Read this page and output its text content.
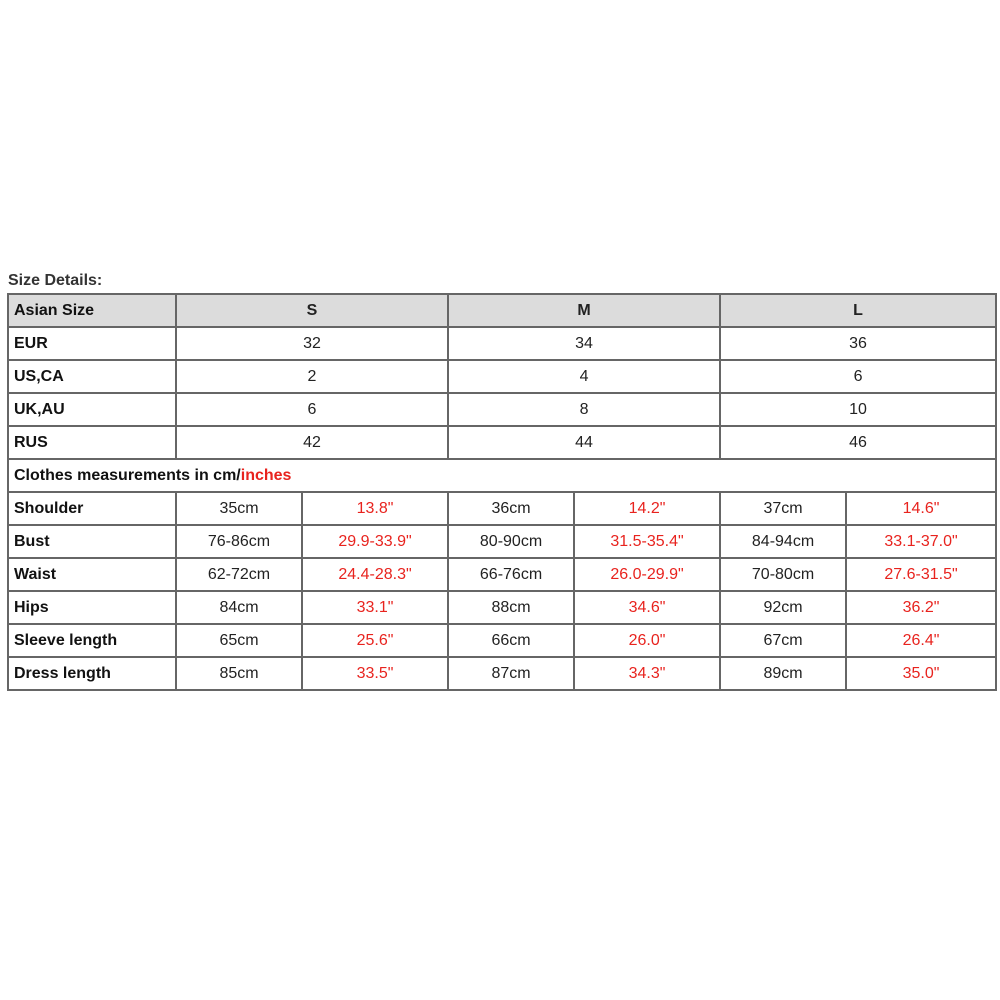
Size Details:
Asian Size	S		M		L	
EUR	32		34		36	
US,CA	2		4		6	
UK,AU	6		8		10	
RUS	42		44		46	
Clothes measurements in cm/inches						
Shoulder	35cm	13.8"	36cm	14.2"	37cm	14.6"
Bust	76-86cm	29.9-33.9"	80-90cm	31.5-35.4"	84-94cm	33.1-37.0"
Waist	62-72cm	24.4-28.3"	66-76cm	26.0-29.9"	70-80cm	27.6-31.5"
Hips	84cm	33.1"	88cm	34.6"	92cm	36.2"
Sleeve length	65cm	25.6"	66cm	26.0"	67cm	26.4"
Dress length	85cm	33.5"	87cm	34.3"	89cm	35.0"
